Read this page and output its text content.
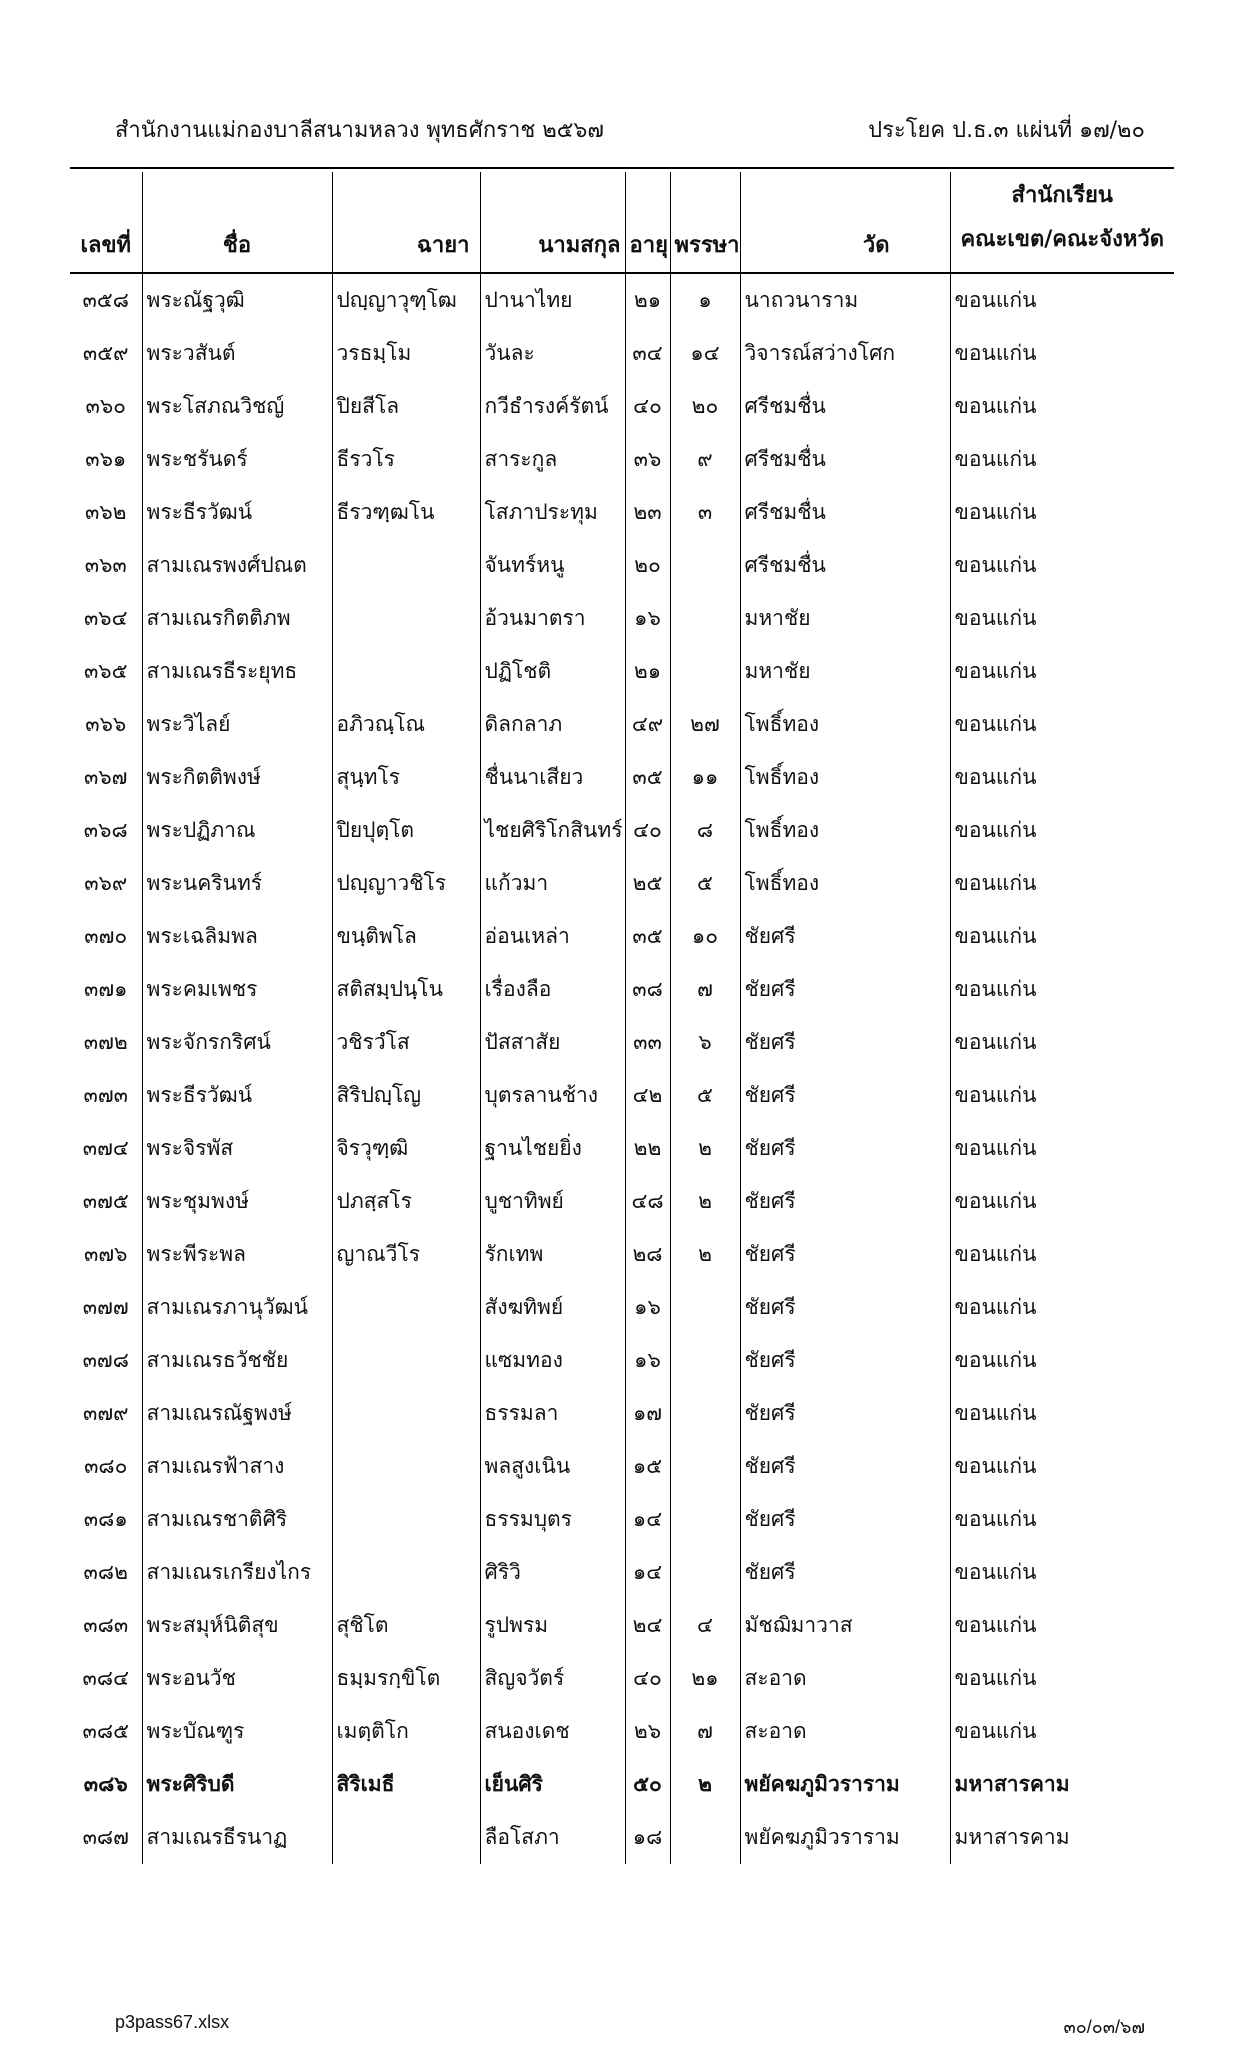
สำนักงานแม่กองบาลีสนามหลวง พุทธศักราช ๒๕๖๗	ประโยค ป.ธ.๓ แผ่นที่ ๑๗/๒๐
เลขที่	ชื่อ	ฉายา	นามสกุล	อายุ	พรรษา	วัด	สำนักเรียน
คณะเขต/คณะจังหวัด

๓๕๘	พระณัฐวุฒิ	ปญฺญาวุฑฺโฒ	ปานาไทย	๒๑	๑	นาถวนาราม	ขอนแก่น
๓๕๙	พระวสันต์	วรธมฺโม	วันละ	๓๔	๑๔	วิจารณ์สว่างโศก	ขอนแก่น
๓๖๐	พระโสภณวิชญ์	ปิยสีโล	กวีธำรงค์รัตน์	๔๐	๒๐	ศรีชมชื่น	ขอนแก่น
๓๖๑	พระชรันดร์	ธีรวโร	สาระกูล	๓๖	๙	ศรีชมชื่น	ขอนแก่น
๓๖๒	พระธีรวัฒน์	ธีรวฑฺฒโน	โสภาประทุม	๒๓	๓	ศรีชมชื่น	ขอนแก่น
๓๖๓	สามเณรพงศ์ปณต		จันทร์หนู	๒๐		ศรีชมชื่น	ขอนแก่น
๓๖๔	สามเณรกิตติภพ		อ้วนมาตรา	๑๖		มหาชัย	ขอนแก่น
๓๖๕	สามเณรธีระยุทธ		ปฏิโชติ	๒๑		มหาชัย	ขอนแก่น
๓๖๖	พระวิไลย์	อภิวณฺโณ	ดิลกลาภ	๔๙	๒๗	โพธิ์ทอง	ขอนแก่น
๓๖๗	พระกิตติพงษ์	สุนฺทโร	ชื่นนาเสียว	๓๕	๑๑	โพธิ์ทอง	ขอนแก่น
๓๖๘	พระปฏิภาณ	ปิยปุตฺโต	ไชยศิริโกสินทร์	๔๐	๘	โพธิ์ทอง	ขอนแก่น
๓๖๙	พระนครินทร์	ปญฺญาวชิโร	แก้วมา	๒๕	๕	โพธิ์ทอง	ขอนแก่น
๓๗๐	พระเฉลิมพล	ขนฺติพโล	อ่อนเหล่า	๓๕	๑๐	ชัยศรี	ขอนแก่น
๓๗๑	พระคมเพชร	สติสมฺปนฺโน	เรื่องลือ	๓๘	๗	ชัยศรี	ขอนแก่น
๓๗๒	พระจักรกริศน์	วชิรวํโส	ปัสสาสัย	๓๓	๖	ชัยศรี	ขอนแก่น
๓๗๓	พระธีรวัฒน์	สิริปญฺโญ	บุตรลานช้าง	๔๒	๕	ชัยศรี	ขอนแก่น
๓๗๔	พระจิรพัส	จิรวุฑฺฒิ	ฐานไชยยิ่ง	๒๒	๒	ชัยศรี	ขอนแก่น
๓๗๕	พระชุมพงษ์	ปภสฺสโร	บูชาทิพย์	๔๘	๒	ชัยศรี	ขอนแก่น
๓๗๖	พระพีระพล	ญาณวีโร	รักเทพ	๒๘	๒	ชัยศรี	ขอนแก่น
๓๗๗	สามเณรภานุวัฒน์		สังฆทิพย์	๑๖		ชัยศรี	ขอนแก่น
๓๗๘	สามเณรธวัชชัย		แซมทอง	๑๖		ชัยศรี	ขอนแก่น
๓๗๙	สามเณรณัฐพงษ์		ธรรมลา	๑๗		ชัยศรี	ขอนแก่น
๓๘๐	สามเณรฟ้าสาง		พลสูงเนิน	๑๕		ชัยศรี	ขอนแก่น
๓๘๑	สามเณรชาติศิริ		ธรรมบุตร	๑๔		ชัยศรี	ขอนแก่น
๓๘๒	สามเณรเกรียงไกร		ศิริวิ	๑๔		ชัยศรี	ขอนแก่น
๓๘๓	พระสมุห์นิติสุข	สุชิโต	รูปพรม	๒๔	๔	มัชฌิมาวาส	ขอนแก่น
๓๘๔	พระอนวัช	ธมฺมรกฺขิโต	สิญจวัตร์	๔๐	๒๑	สะอาด	ขอนแก่น
๓๘๕	พระบัณฑูร	เมตฺติโก	สนองเดช	๒๖	๗	สะอาด	ขอนแก่น
๓๘๖	พระศิริบดี	สิริเมธี	เย็นศิริ	๕๐	๒	พยัคฆภูมิวราราม	มหาสารคาม
๓๘๗	สามเณรธีรนาฏ		ลือโสภา	๑๘		พยัคฆภูมิวราราม	มหาสารคาม
p3pass67.xlsx	๓๐/๐๓/๖๗
